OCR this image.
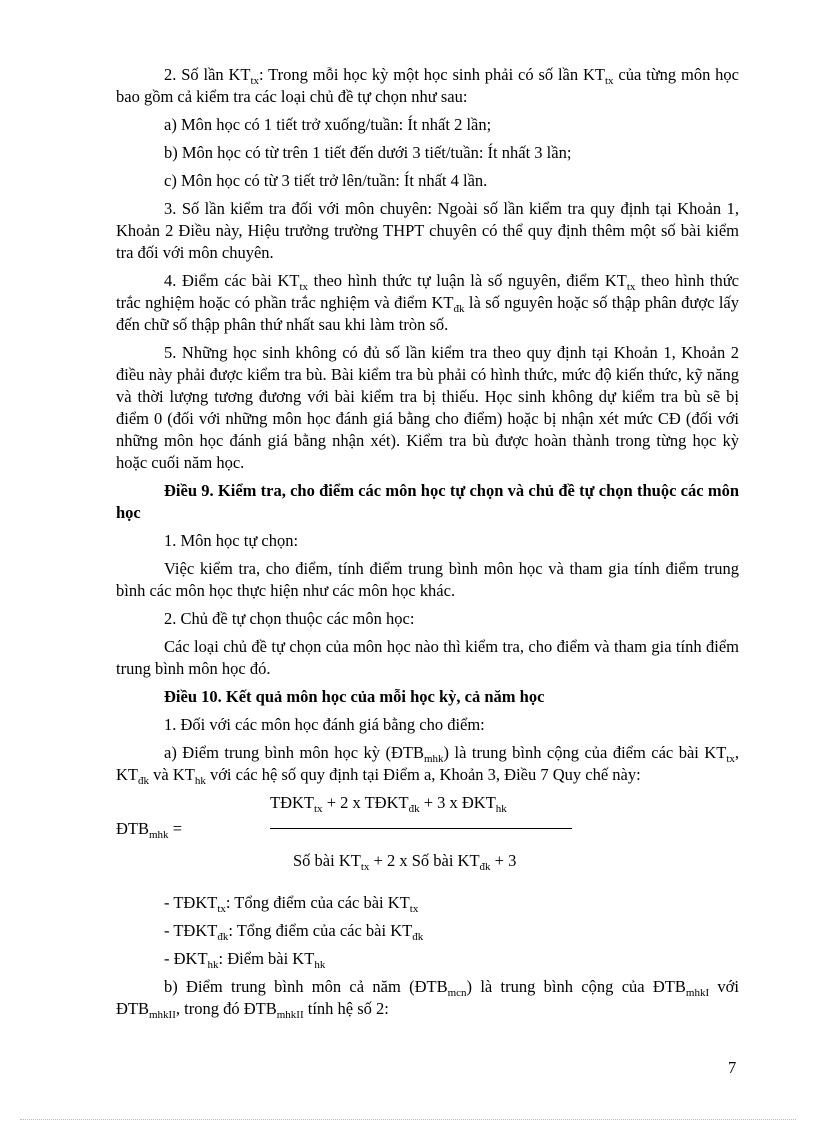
2. Số lần $KT_{tx}$: Trong mỗi học kỳ một học sinh phải có số lần $KT_{tx}$ của từng môn học bao gồm cả kiểm tra các loại chủ đề tự chọn như sau:

a) Môn học có 1 tiết trở xuống/tuần: Ít nhất 2 lần;

b) Môn học có từ trên 1 tiết đến dưới 3 tiết/tuần: Ít nhất 3 lần;

c) Môn học có từ 3 tiết trở lên/tuần: Ít nhất 4 lần.

3. Số lần kiểm tra đối với môn chuyên: Ngoài số lần kiểm tra quy định tại Khoản 1, Khoản 2 Điều này, Hiệu trưởng trường THPT chuyên có thể quy định thêm một số bài kiểm tra đối với môn chuyên.

4. Điểm các bài $KT_{tx}$ theo hình thức tự luận là số nguyên, điểm $KT_{tx}$ theo hình thức trắc nghiệm hoặc có phần trắc nghiệm và điểm $KT_{đk}$ là số nguyên hoặc số thập phân được lấy đến chữ số thập phân thứ nhất sau khi làm tròn số.

5. Những học sinh không có đủ số lần kiểm tra theo quy định tại Khoản 1, Khoản 2 điều này phải được kiểm tra bù. Bài kiểm tra bù phải có hình thức, mức độ kiến thức, kỹ năng và thời lượng tương đương với bài kiểm tra bị thiếu. Học sinh không dự kiểm tra bù sẽ bị điểm 0 (đối với những môn học đánh giá bằng cho điểm) hoặc bị nhận xét mức CĐ (đối với những môn học đánh giá bằng nhận xét). Kiểm tra bù được hoàn thành trong từng học kỳ hoặc cuối năm học.

Điều 9. Kiểm tra, cho điểm các môn học tự chọn và chủ đề tự chọn thuộc các môn học

1. Môn học tự chọn:

Việc kiểm tra, cho điểm, tính điểm trung bình môn học và tham gia tính điểm trung bình các môn học thực hiện như các môn học khác.

2. Chủ đề tự chọn thuộc các môn học:

Các loại chủ đề tự chọn của môn học nào thì kiểm tra, cho điểm và tham gia tính điểm trung bình môn học đó.

Điều 10. Kết quả môn học của mỗi học kỳ, cả năm học

1. Đối với các môn học đánh giá bằng cho điểm:

a) Điểm trung bình môn học kỳ $(ĐTB_{mhk})$ là trung bình cộng của điểm các bài $KT_{tx}$, $KT_{đk}$ và $KT_{hk}$ với các hệ số quy định tại Điểm a, Khoản 3, Điều 7 Quy chế này:

$TĐKT_{tx} + 2$ x $TĐKT_{đk} + 3$ x $ĐKT_{hk}$
$ĐTB_{mhk}$ =
Số bài $KT_{tx} + 2$ x Số bài $KT_{đk} + 3$

- $TĐKT_{tx}$: Tổng điểm của các bài $KT_{tx}$

- $TĐKT_{đk}$: Tổng điểm của các bài $KT_{đk}$

- $ĐKT_{hk}$: Điểm bài $KT_{hk}$

b) Điểm trung bình môn cả năm $(ĐTB_{mcn})$ là trung bình cộng của $ĐTB_{mhkI}$ với $ĐTB_{mhkII}$, trong đó $ĐTB_{mhkII}$ tính hệ số 2:

7
